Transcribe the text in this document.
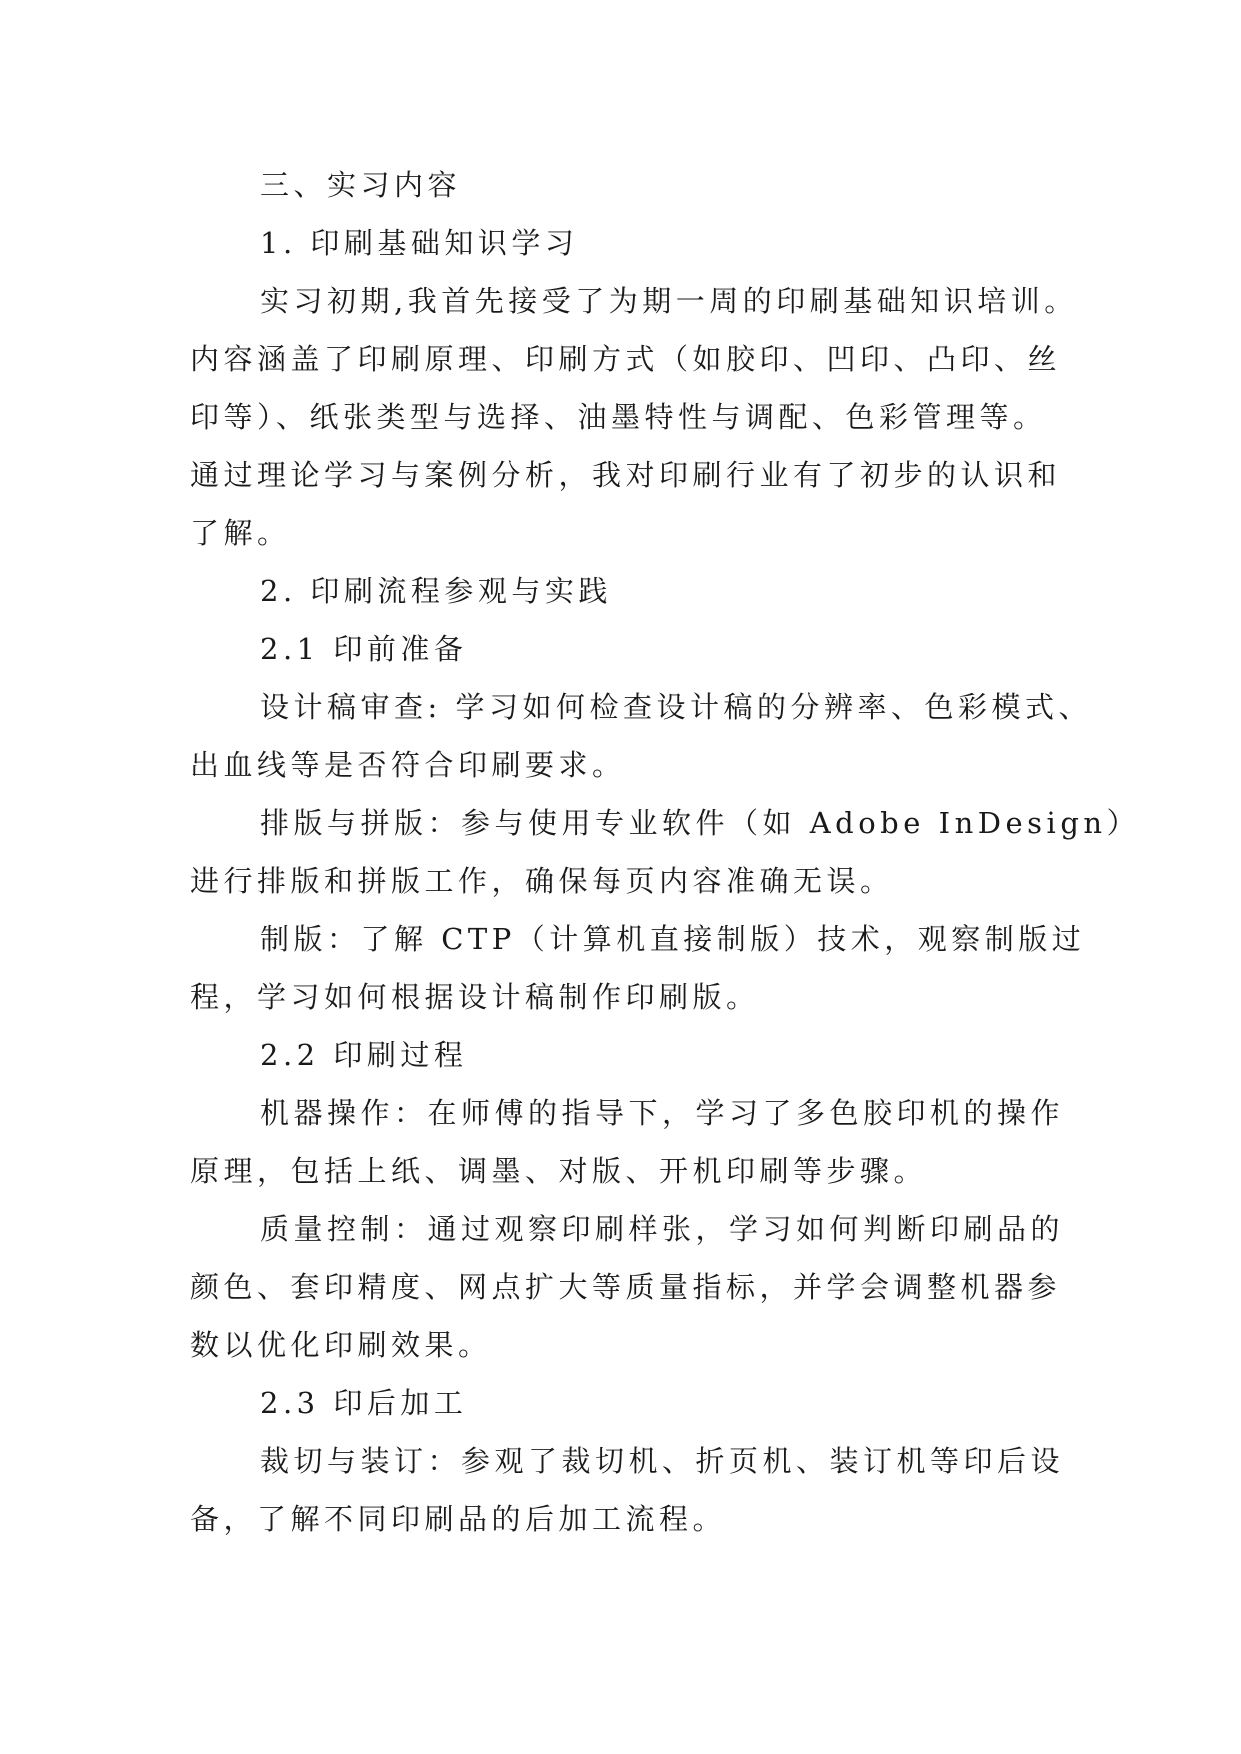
三、实习内容
1. 印刷基础知识学习
实习初期,我首先接受了为期一周的印刷基础知识培训。
内容涵盖了印刷原理、印刷方式（如胶印、凹印、凸印、丝
印等）、纸张类型与选择、油墨特性与调配、色彩管理等。
通过理论学习与案例分析，我对印刷行业有了初步的认识和
了解。
2. 印刷流程参观与实践
2.1 印前准备
设计稿审查: 学习如何检查设计稿的分辨率、色彩模式、
出血线等是否符合印刷要求。
排版与拼版：参与使用专业软件（如 Adobe InDesign）
进行排版和拼版工作，确保每页内容准确无误。
制版：了解 CTP（计算机直接制版）技术，观察制版过
程，学习如何根据设计稿制作印刷版。
2.2 印刷过程
机器操作：在师傅的指导下，学习了多色胶印机的操作
原理，包括上纸、调墨、对版、开机印刷等步骤。
质量控制：通过观察印刷样张，学习如何判断印刷品的
颜色、套印精度、网点扩大等质量指标，并学会调整机器参
数以优化印刷效果。
2.3 印后加工
裁切与装订：参观了裁切机、折页机、装订机等印后设
备，了解不同印刷品的后加工流程。
